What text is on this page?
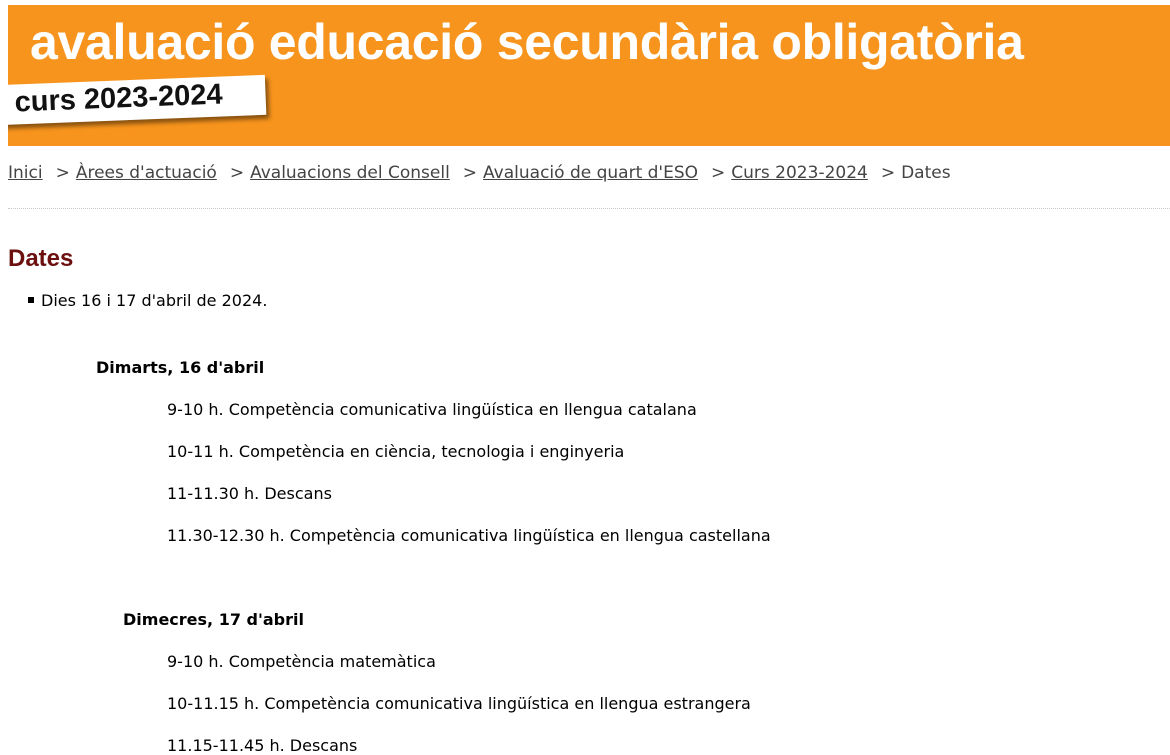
avaluació educació secundària obligatòria
curs 2023-2024
Inici > Àrees d'actuació > Avaluacions del Consell > Avaluació de quart d'ESO > Curs 2023-2024 > Dates
Dates
Dies 16 i 17 d'abril de 2024.
Dimarts, 16 d'abril
9-10 h. Competència comunicativa lingüística en llengua catalana
10-11 h. Competència en ciència, tecnologia i enginyeria
11-11.30 h. Descans
11.30-12.30 h. Competència comunicativa lingüística en llengua castellana
Dimecres, 17 d'abril
9-10 h. Competència matemàtica
10-11.15 h. Competència comunicativa lingüística en llengua estrangera
11.15-11.45 h. Descans
